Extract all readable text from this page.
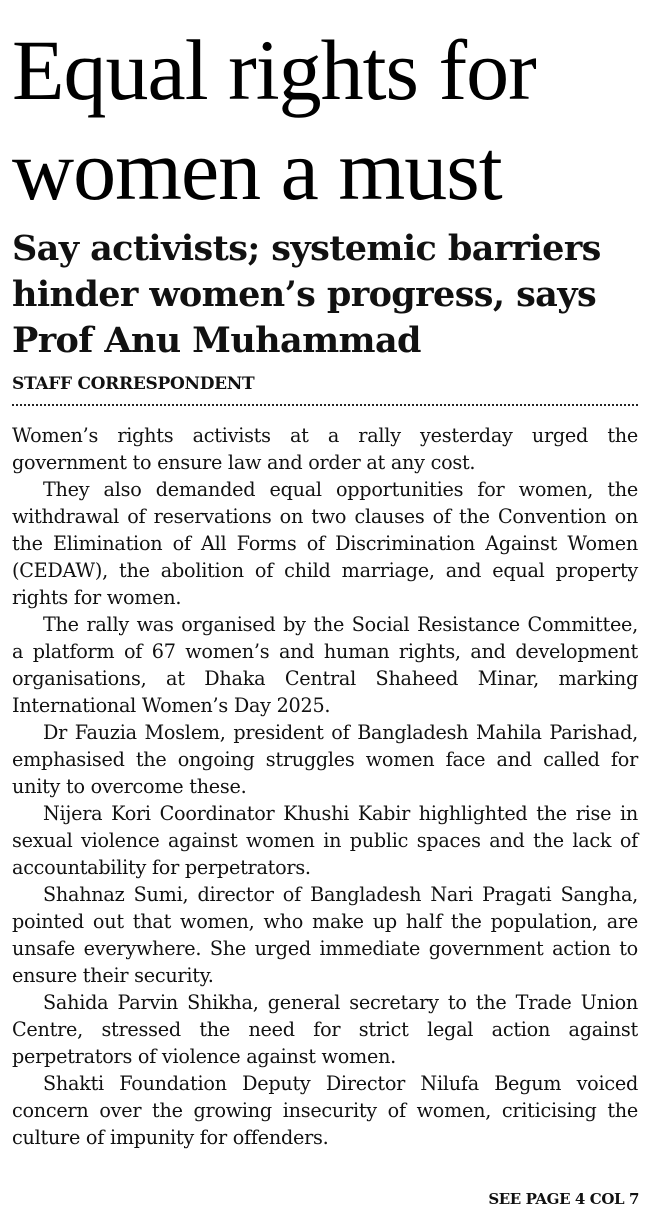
Equal rights for women a must
Say activists; systemic barriers hinder women’s progress, says Prof Anu Muhammad
STAFF CORRESPONDENT

Women’s rights activists at a rally yesterday urged the government to ensure law and order at any cost.

They also demanded equal opportunities for women, the withdrawal of reservations on two clauses of the Convention on the Elimination of All Forms of Discrimination Against Women (CEDAW), the abolition of child marriage, and equal property rights for women.

The rally was organised by the Social Resistance Committee, a platform of 67 women’s and human rights, and development organisations, at Dhaka Central Shaheed Minar, marking International Women’s Day 2025.

Dr Fauzia Moslem, president of Bangladesh Mahila Parishad, emphasised the ongoing struggles women face and called for unity to overcome these.

Nijera Kori Coordinator Khushi Kabir highlighted the rise in sexual violence against women in public spaces and the lack of accountability for perpetrators.

Shahnaz Sumi, director of Bangladesh Nari Pragati Sangha, pointed out that women, who make up half the population, are unsafe everywhere. She urged immediate government action to ensure their security.

Sahida Parvin Shikha, general secretary to the Trade Union Centre, stressed the need for strict legal action against perpetrators of violence against women.

Shakti Foundation Deputy Director Nilufa Begum voiced concern over the growing insecurity of women, criticising the culture of impunity for offenders.

SEE PAGE 4 COL 7
